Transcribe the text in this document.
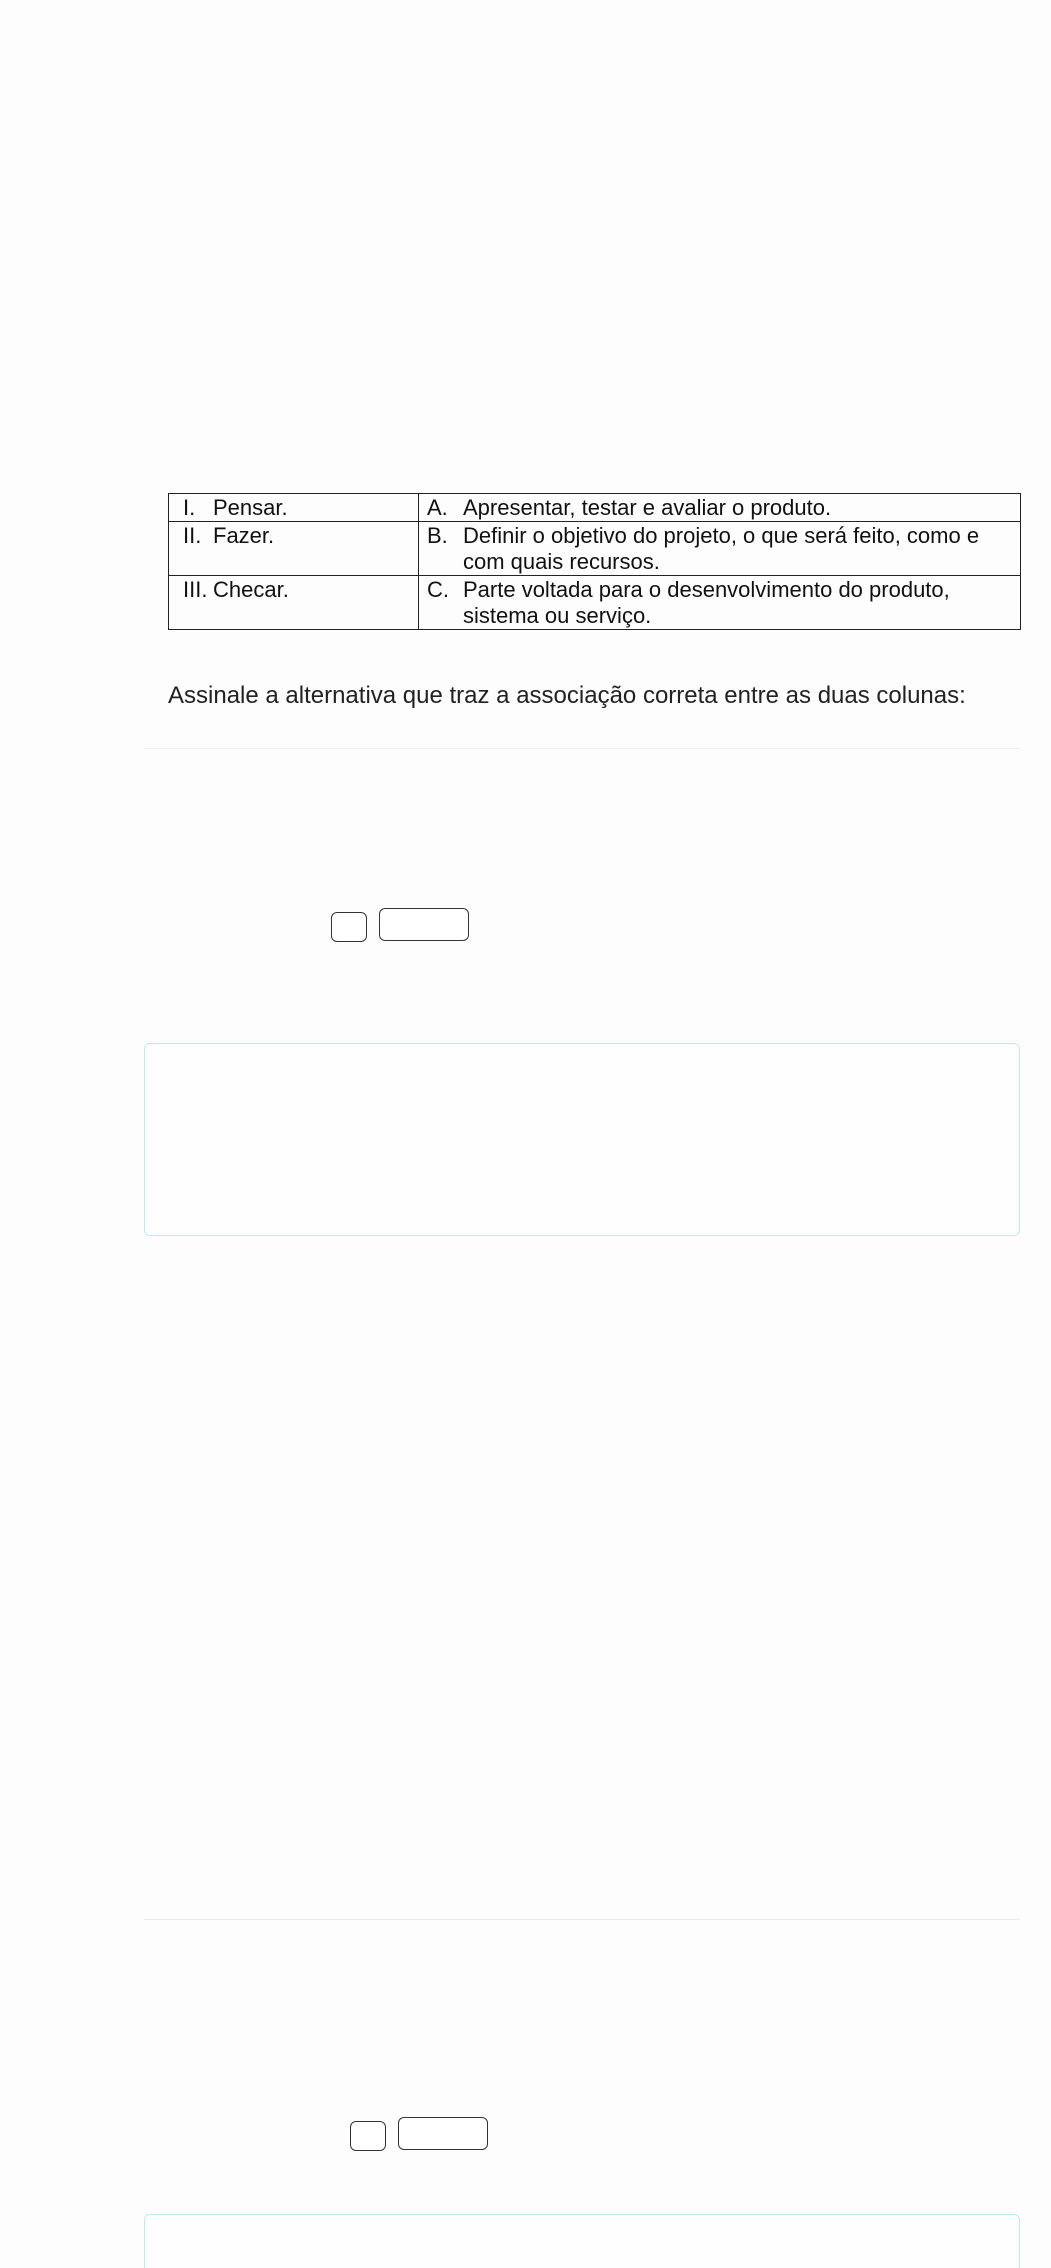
I. Pensar.	A. Apresentar, testar e avaliar o produto.

II. Fazer.	B. Definir o objetivo do projeto, o que será feito, como e com quais recursos.

III. Checar.	C. Parte voltada para o desenvolvimento do produto, sistema ou serviço.
Assinale a alternativa que traz a associação correta entre as duas colunas:
